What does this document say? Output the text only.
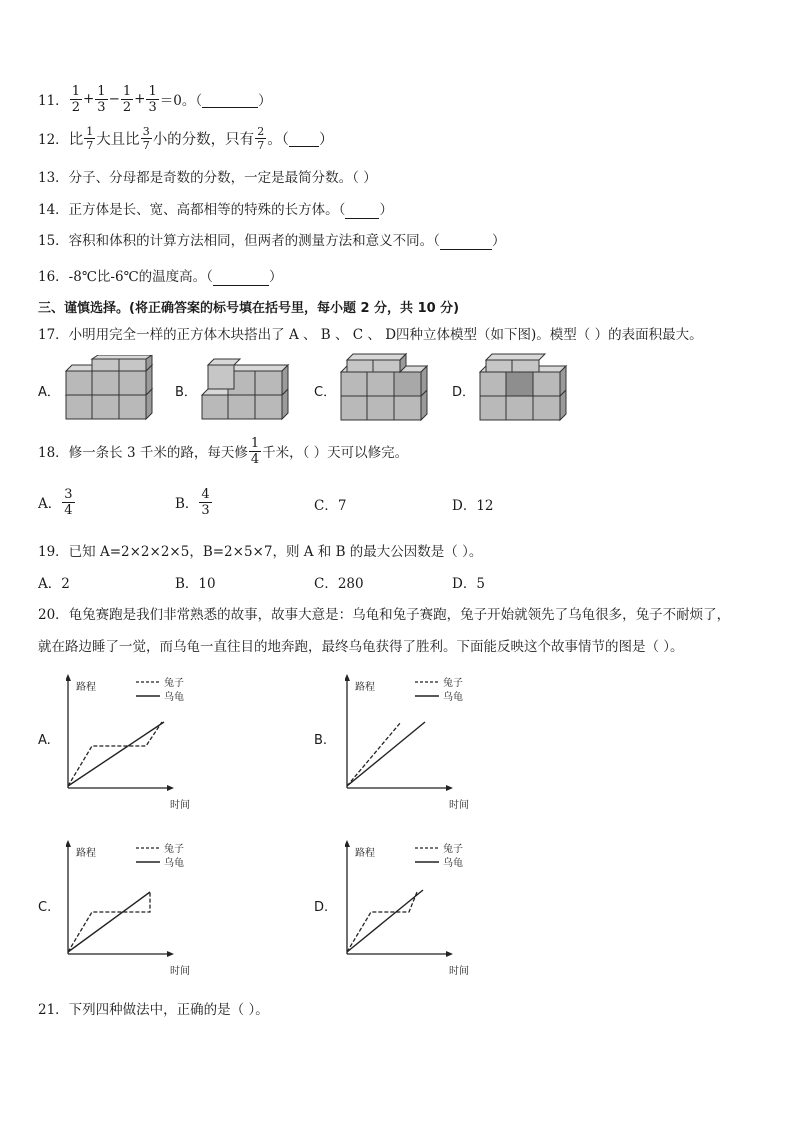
11． $\frac{1}{2} + \frac{1}{3} - \frac{1}{2} + \frac{1}{3} =0$。（
	）
12． 比 $\frac{1}{7}$ 大且比 $\frac{3}{7}$ 小的分数，只有 $\frac{2}{7}$ 。（
）
13．分子、分母都是奇数的分数，一定是最简分数。（ ）
14．正方体是长、宽、高都相等的特殊的长方体。（	）
15．容积和体积的计算方法相同，但两者的测量方法和意义不同。（	）
16．-8℃比-6℃的温度高。（	）
三、谨慎选择。(将正确答案的标号填在括号里，每小题 2 分，共 10 分)
17．小明用完全一样的正方体木块搭出了 A 、 B 、 C 、 D四种立体模型（如下图)。模型（ ）的表面积最大。
A．	B．	C．	D．
18．修一条长 3 千米的路，每天修 $\frac{1}{4}$ 千米，（ ）天可以修完。
A． $\frac{3}{4}$	B． $\frac{4}{3}$	C．7	D．12
19．已知 A=2×2×2×5，B=2×5×7，则 A 和 B 的最大公因数是（ ）。
A．2	B．10	C．280	D．5
20．龟兔赛跑是我们非常熟悉的故事，故事大意是：乌龟和兔子赛跑，兔子开始就领先了乌龟很多，兔子不耐烦了，
就在路边睡了一觉，而乌龟一直往目的地奔跑，最终乌龟获得了胜利。下面能反映这个故事情节的图是（ ）。
A.	B.
C.	D.
路程
时间
兔子
乌龟
路程
时间
兔子
乌龟
路程
时间
兔子
乌龟
路程
时间
兔子
乌龟
21．下列四种做法中，正确的是（ ）。
